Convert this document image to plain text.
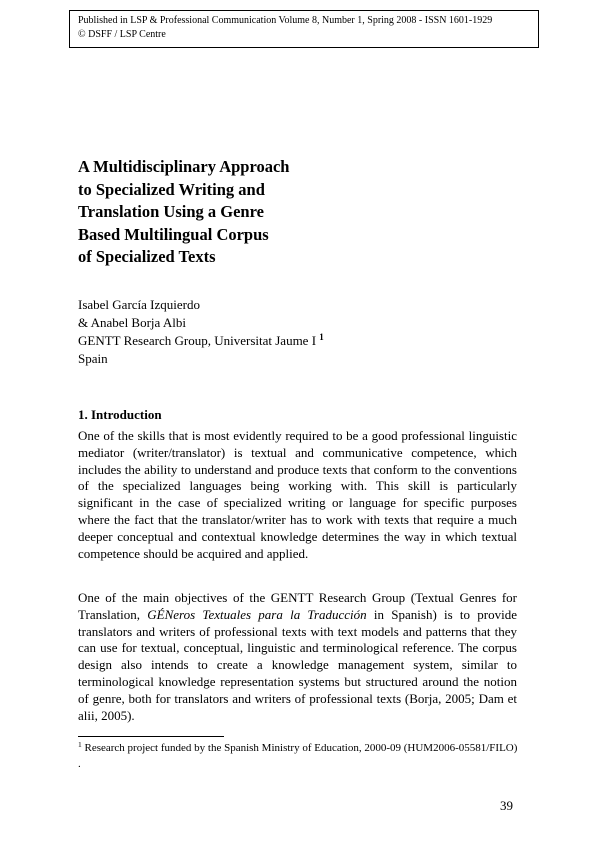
Published in LSP & Professional Communication Volume 8, Number 1, Spring 2008 - ISSN 1601-1929
© DSFF / LSP Centre
A Multidisciplinary Approach
to Specialized Writing and
Translation Using a Genre
Based Multilingual Corpus
of Specialized Texts
Isabel García Izquierdo
& Anabel Borja Albi
GENTT Research Group, Universitat Jaume I $^1$
Spain
1. Introduction
One of the skills that is most evidently required to be a good professional linguistic mediator (writer/translator) is textual and communicative competence, which includes the ability to understand and produce texts that conform to the conventions of the specialized languages being working with. This skill is particularly significant in the case of specialized writing or language for specific purposes where the fact that the translator/writer has to work with texts that require a much deeper conceptual and contextual knowledge determines the way in which textual competence should be acquired and applied.
One of the main objectives of the GENTT Research Group (Textual Genres for Translation, GÉNeros Textuales para la Traducción in Spanish) is to provide translators and writers of professional texts with text models and patterns that they can use for textual, conceptual, linguistic and terminological reference. The corpus design also intends to create a knowledge management system, similar to terminological knowledge representation systems but structured around the notion of genre, both for translators and writers of professional texts (Borja, 2005; Dam et alii, 2005).
$^1$ Research project funded by the Spanish Ministry of Education, 2000-09 (HUM2006-05581/FILO) .
39
